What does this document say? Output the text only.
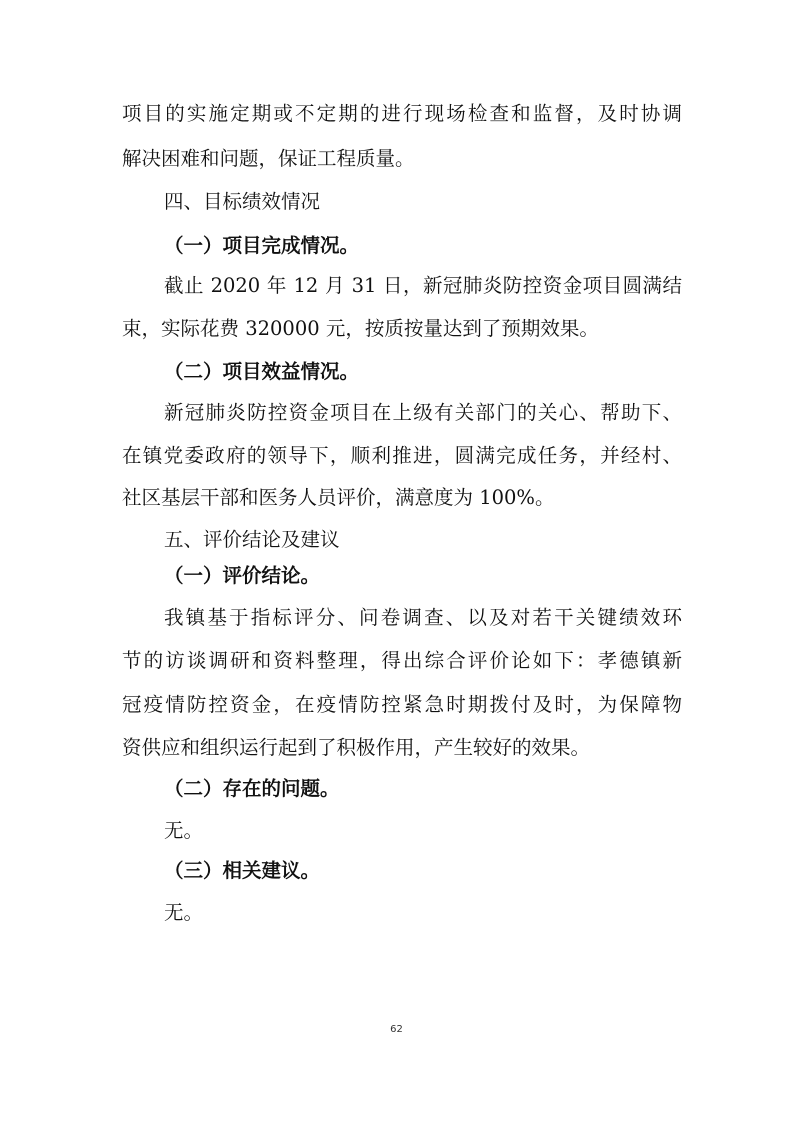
项目的实施定期或不定期的进行现场检查和监督，及时协调
解决困难和问题，保证工程质量。
四、目标绩效情况
（一）项目完成情况。
截止 2020 年 12 月 31 日，新冠肺炎防控资金项目圆满结
束，实际花费 320000 元，按质按量达到了预期效果。
（二）项目效益情况。
新冠肺炎防控资金项目在上级有关部门的关心、帮助下、
在镇党委政府的领导下，顺利推进，圆满完成任务，并经村、
社区基层干部和医务人员评价，满意度为 100%。
五、评价结论及建议
（一）评价结论。
我镇基于指标评分、问卷调查、以及对若干关键绩效环
节的访谈调研和资料整理，得出综合评价论如下：孝德镇新
冠疫情防控资金，在疫情防控紧急时期拨付及时，为保障物
资供应和组织运行起到了积极作用，产生较好的效果。
（二）存在的问题。
无。
（三）相关建议。
无。
62
